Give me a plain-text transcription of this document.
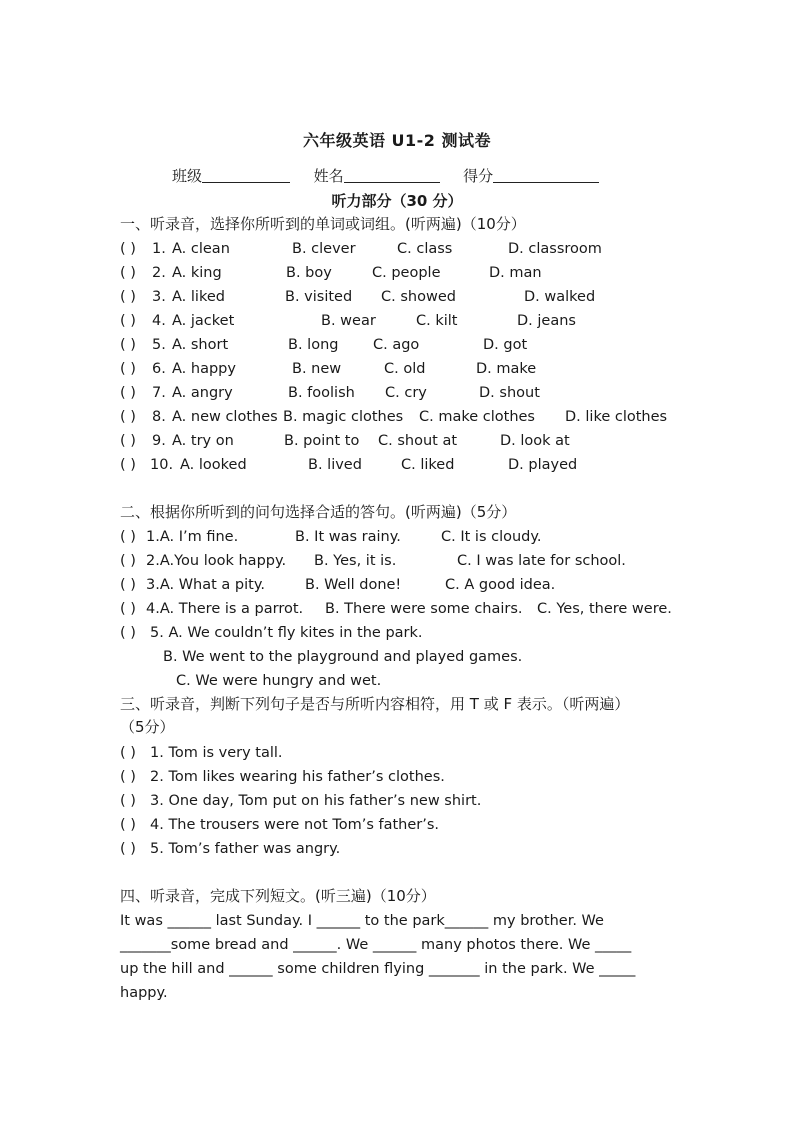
六年级英语 U1-2 测试卷
班级	姓名	得分
听力部分（30 分）
一、听录音，选择你所听到的单词或词组。(听两遍)（10分）
( )	1. A. clean	B. clever	C. class	D. classroom
( )	2. A. king	B. boy	C. people	D. man
( )	3. A. liked	B. visited C. showed	D. walked
( )	4. A. jacket	B. wear	C. kilt	D. jeans
( )	5. A. short	B. long C. ago	D. got
( )	6. A. happy	B. new	C. old	D. make
( )	7. A. angry	B. foolish C. cry	D. shout
( )	8. A. new clothes B. magic clothes C. make clothes D. like clothes
( )	9. A. try on	B. point to C. shout at	D. look at
( ) 10. A. looked	B. lived	C. liked	D. played
二、根据你所听到的问句选择合适的答句。(听两遍)（5分）
( ) 1.A. I’m fine.	B. It was rainy.	C. It is cloudy.
( ) 2.A.You look happy. B. Yes, it is.	C. I was late for school.
( ) 3.A. What a pity.	B. Well done!	C. A good idea.
( ) 4.A. There is a parrot. B. There were some chairs. C. Yes, there were.
( ) 5. A. We couldn’t fly kites in the park.
B. We went to the playground and played games.
C. We were hungry and wet.
三、听录音，判断下列句子是否与所听内容相符，用 T 或 F 表示。（听两遍）
（5分）
( ) 1. Tom is very tall.
( ) 2. Tom likes wearing his father’s clothes.
( ) 3. One day, Tom put on his father’s new shirt.
( ) 4. The trousers were not Tom’s father’s.
( ) 5. Tom’s father was angry.
四、听录音，完成下列短文。(听三遍)（10分）
It was ______ last Sunday. I ______ to the park______ my brother. We
_______some bread and ______. We ______ many photos there. We _____
up the hill and ______ some children flying _______ in the park. We _____
happy.
